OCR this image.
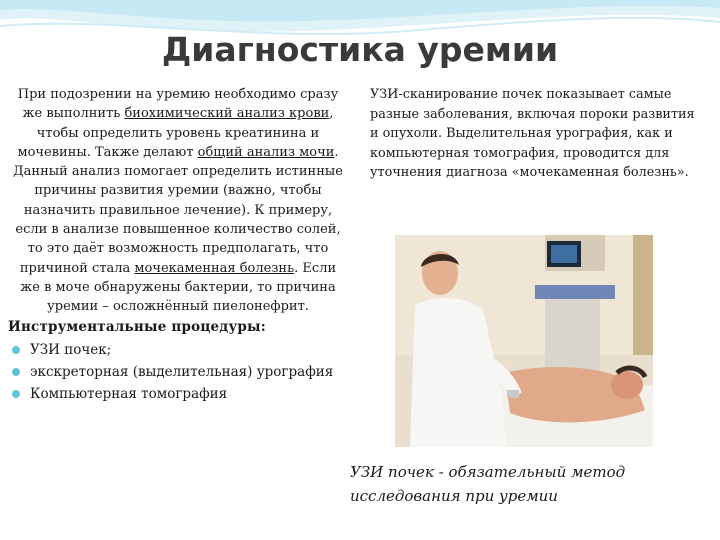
Диагностика уремии

При подозрении на уремию необходимо сразу же выполнить биохимический анализ крови, чтобы определить уровень креатинина и мочевины. Также делают общий анализ мочи. Данный анализ помогает определить истинные причины развития уремии (важно, чтобы назначить правильное лечение). К примеру, если в анализе повышенное количество солей, то это даёт возможность предполагать, что причиной стала мочекаменная болезнь. Если же в моче обнаружены бактерии, то причина уремии – осложнённый пиелонефрит.

Инструментальные процедуры:
УЗИ почек;
экскреторная (выделительная) урография
Компьютерная томография

УЗИ-сканирование почек показывает самые разные заболевания, включая пороки развития и опухоли. Выделительная урография, как и компьютерная томография, проводится для уточнения диагноза «мочекаменная болезнь».

УЗИ почек - обязательный метод
исследования при уремии
